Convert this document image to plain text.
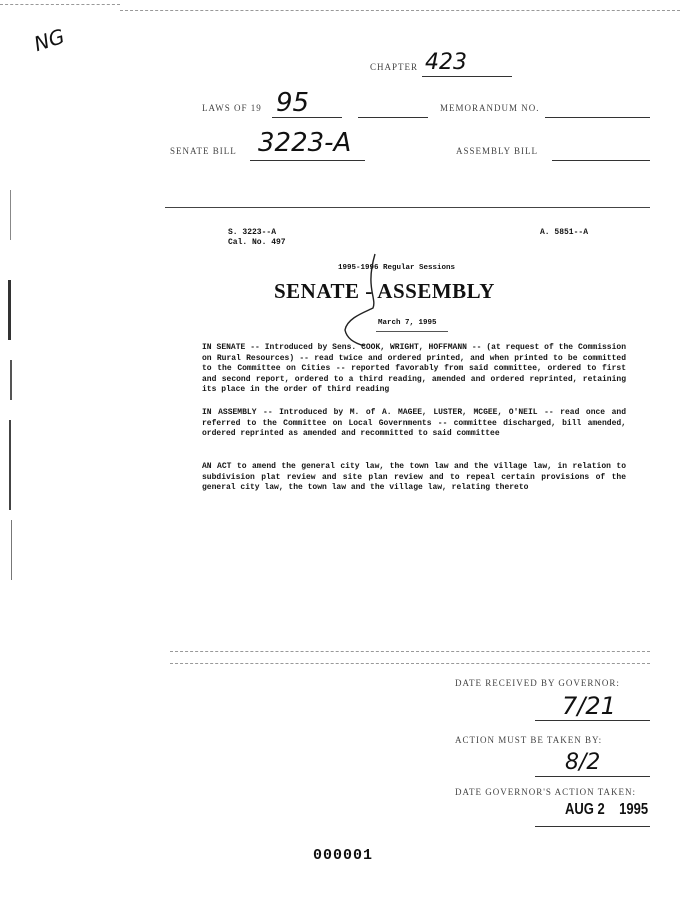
NG
CHAPTER 423
LAWS OF 19 95	MEMORANDUM NO.
SENATE BILL 3223-A	ASSEMBLY BILL
S. 3223--A
Cal. No. 497
A. 5851--A
1995-1996 Regular Sessions
SENATE - ASSEMBLY
March 7, 1995
IN SENATE -- Introduced by Sens. COOK, WRIGHT, HOFFMANN -- (at request of the Commission on Rural Resources) -- read twice and ordered printed, and when printed to be committed to the Committee on Cities -- reported favorably from said committee, ordered to first and second report, ordered to a third reading, amended and ordered reprinted, retaining its place in the order of third reading
IN ASSEMBLY -- Introduced by M. of A. MAGEE, LUSTER, MCGEE, O'NEIL -- read once and referred to the Committee on Local Governments -- committee discharged, bill amended, ordered reprinted as amended and recommitted to said committee
AN ACT to amend the general city law, the town law and the village law, in relation to subdivision plat review and site plan review and to repeal certain provisions of the general city law, the town law and the village law, relating thereto
DATE RECEIVED BY GOVERNOR:
7/21
ACTION MUST BE TAKEN BY:
8/2
DATE GOVERNOR'S ACTION TAKEN:
AUG 2    1995
000001
